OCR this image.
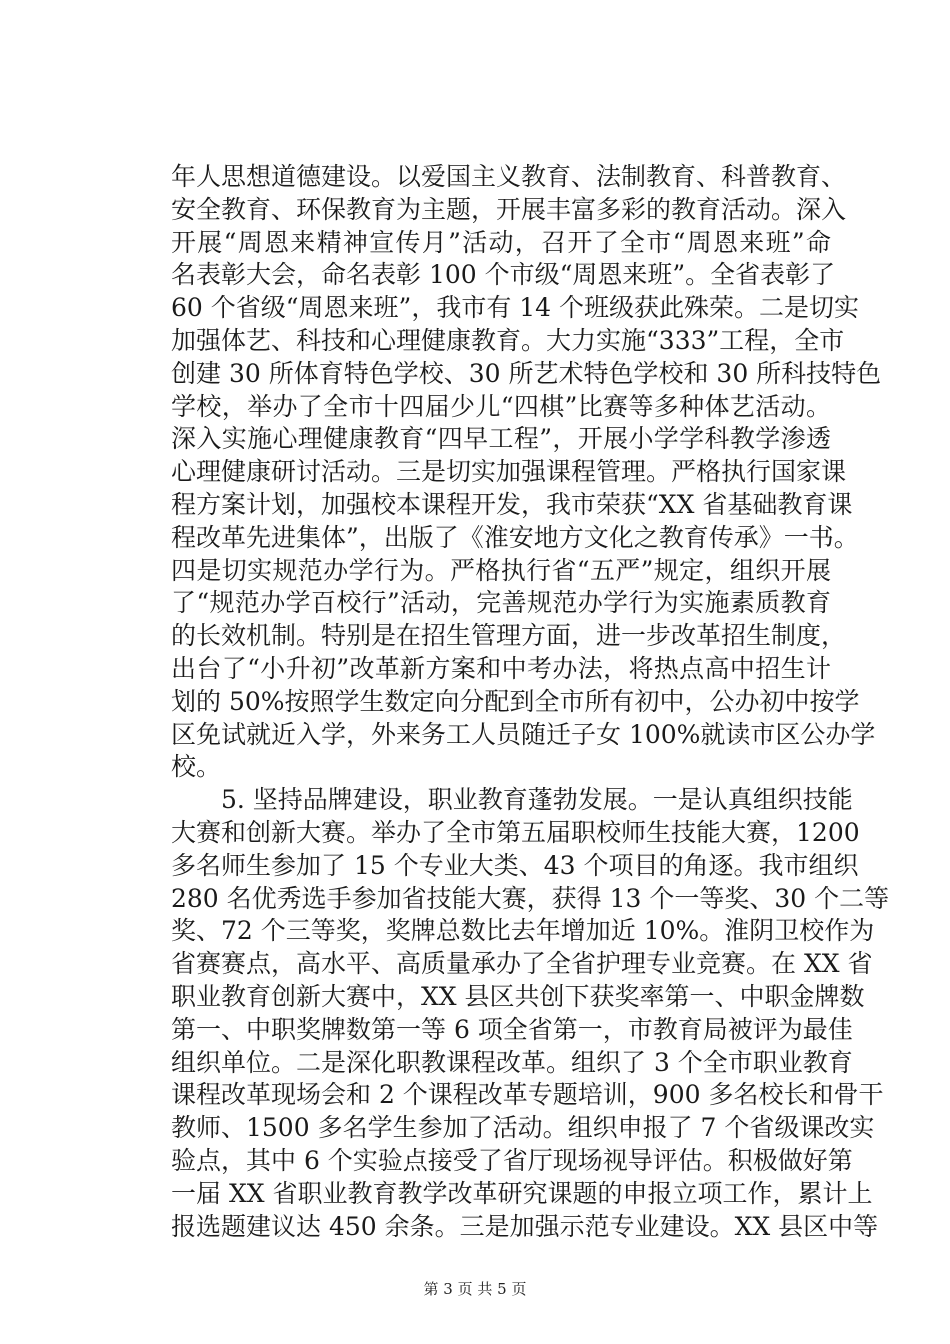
年人思想道德建设。以爱国主义教育、法制教育、科普教育、
安全教育、环保教育为主题，开展丰富多彩的教育活动。深入
开展“周恩来精神宣传月”活动，召开了全市“周恩来班”命
名表彰大会，命名表彰 100 个市级“周恩来班”。全省表彰了
60 个省级“周恩来班”，我市有 14 个班级获此殊荣。二是切实
加强体艺、科技和心理健康教育。大力实施“333”工程，全市
创建 30 所体育特色学校、30 所艺术特色学校和 30 所科技特色
学校，举办了全市十四届少儿“四棋”比赛等多种体艺活动。
深入实施心理健康教育“四早工程”，开展小学学科教学渗透
心理健康研讨活动。三是切实加强课程管理。严格执行国家课
程方案计划，加强校本课程开发，我市荣获“XX 省基础教育课
程改革先进集体”，出版了《淮安地方文化之教育传承》一书。
四是切实规范办学行为。严格执行省“五严”规定，组织开展
了“规范办学百校行”活动，完善规范办学行为实施素质教育
的长效机制。特别是在招生管理方面，进一步改革招生制度，
出台了“小升初”改革新方案和中考办法，将热点高中招生计
划的 50%按照学生数定向分配到全市所有初中，公办初中按学
区免试就近入学，外来务工人员随迁子女 100%就读市区公办学
校。
　　5. 坚持品牌建设，职业教育蓬勃发展。一是认真组织技能
大赛和创新大赛。举办了全市第五届职校师生技能大赛，1200
多名师生参加了 15 个专业大类、43 个项目的角逐。我市组织
280 名优秀选手参加省技能大赛，获得 13 个一等奖、30 个二等
奖、72 个三等奖，奖牌总数比去年增加近 10%。淮阴卫校作为
省赛赛点，高水平、高质量承办了全省护理专业竞赛。在 XX 省
职业教育创新大赛中，XX 县区共创下获奖率第一、中职金牌数
第一、中职奖牌数第一等 6 项全省第一，市教育局被评为最佳
组织单位。二是深化职教课程改革。组织了 3 个全市职业教育
课程改革现场会和 2 个课程改革专题培训，900 多名校长和骨干
教师、1500 多名学生参加了活动。组织申报了 7 个省级课改实
验点，其中 6 个实验点接受了省厅现场视导评估。积极做好第
一届 XX 省职业教育教学改革研究课题的申报立项工作，累计上
报选题建议达 450 余条。三是加强示范专业建设。XX 县区中等
第 3 页 共 5 页
